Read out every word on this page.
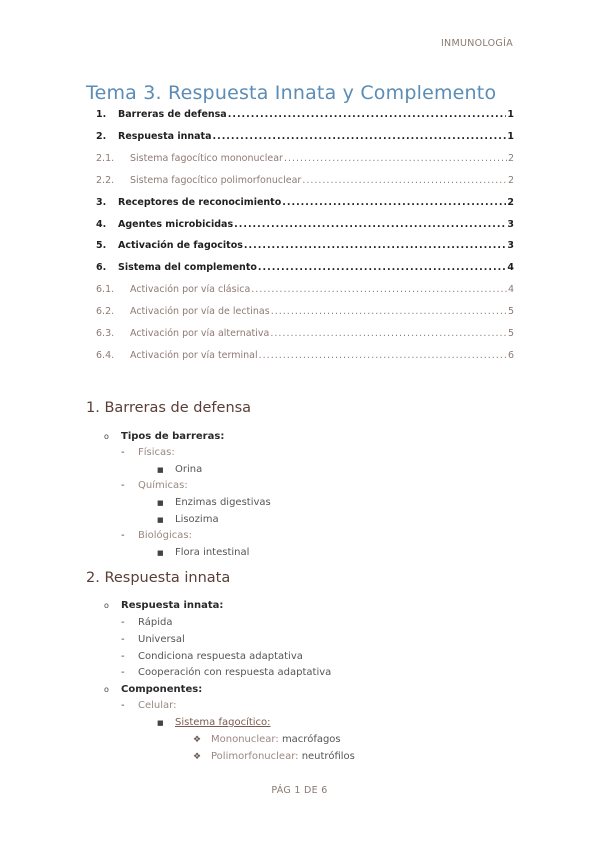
INMUNOLOGÍA
Tema 3. Respuesta Innata y Complemento
1.	Barreras de defensa .....	1
2.	Respuesta innata .....	1
2.1.	Sistema fagocítico mononuclear .....	2
2.2.	Sistema fagocítico polimorfonuclear .....	2
3.	Receptores de reconocimiento .....	2
4.	Agentes microbicidas .....	3
5.	Activación de fagocitos .....	3
6.	Sistema del complemento .....	4
6.1.	Activación por vía clásica .....	4
6.2.	Activación por vía de lectinas .....	5
6.3.	Activación por vía alternativa .....	5
6.4.	Activación por vía terminal .....	6
1. Barreras de defensa
o Tipos de barreras:
- Físicas:
■ Orina
- Químicas:
■ Enzimas digestivas
■ Lisozima
- Biológicas:
■ Flora intestinal
2. Respuesta innata
o Respuesta innata:
- Rápida
- Universal
- Condiciona respuesta adaptativa
- Cooperación con respuesta adaptativa
o Componentes:
- Celular:
■ Sistema fagocítico:
❖ Mononuclear: macrófagos
❖ Polimorfonuclear: neutrófilos
PÁG 1 DE 6
